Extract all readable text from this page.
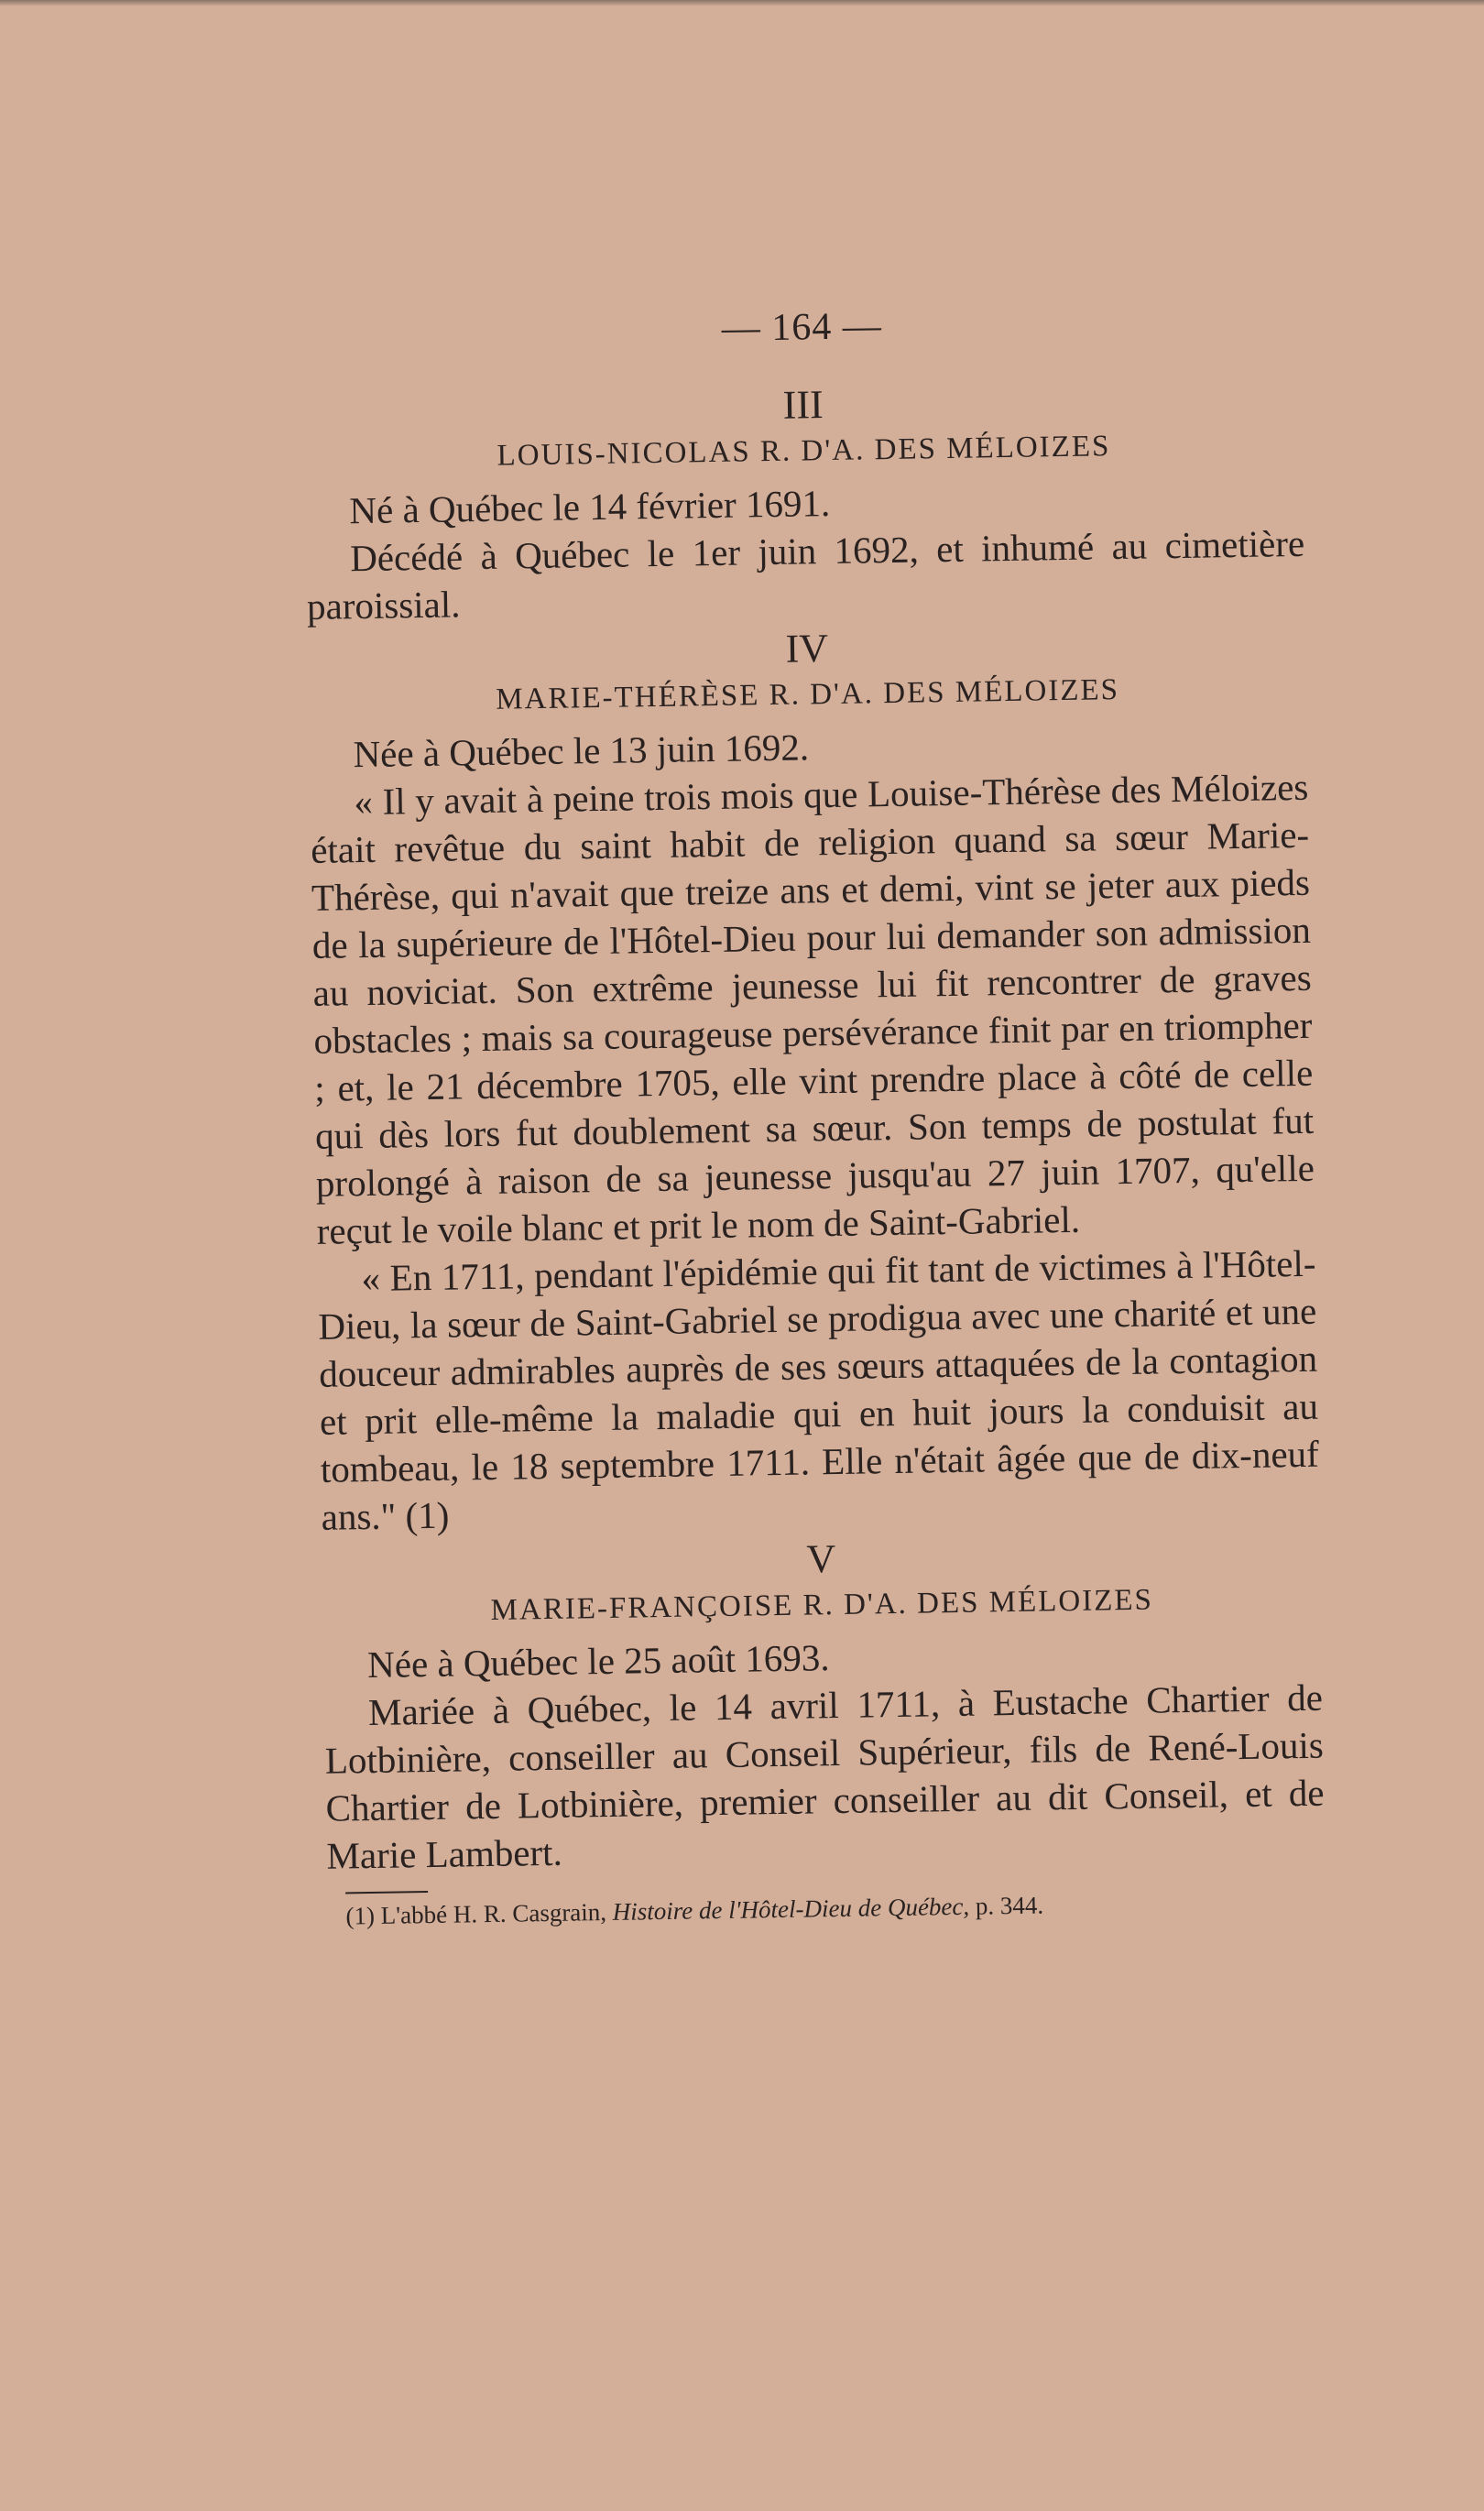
— 164 —
III
LOUIS-NICOLAS R. D'A. DES MÉLOIZES

Né à Québec le 14 février 1691.

Décédé à Québec le 1er juin 1692, et inhumé au cimetière paroissial.

IV
MARIE-THÉRÈSE R. D'A. DES MÉLOIZES

Née à Québec le 13 juin 1692.

« Il y avait à peine trois mois que Louise-Thérèse des Méloizes était revêtue du saint habit de religion quand sa sœur Marie-Thérèse, qui n'avait que treize ans et demi, vint se jeter aux pieds de la supérieure de l'Hôtel-Dieu pour lui demander son admission au noviciat. Son extrême jeunesse lui fit rencontrer de graves obstacles ; mais sa courageuse persévérance finit par en triompher ; et, le 21 décembre 1705, elle vint prendre place à côté de celle qui dès lors fut doublement sa sœur. Son temps de postulat fut prolongé à raison de sa jeunesse jusqu'au 27 juin 1707, qu'elle reçut le voile blanc et prit le nom de Saint-Gabriel.

« En 1711, pendant l'épidémie qui fit tant de victimes à l'Hôtel-Dieu, la sœur de Saint-Gabriel se prodigua avec une charité et une douceur admirables auprès de ses sœurs attaquées de la contagion et prit elle-même la maladie qui en huit jours la conduisit au tombeau, le 18 septembre 1711. Elle n'était âgée que de dix-neuf ans." (1)

V
MARIE-FRANÇOISE R. D'A. DES MÉLOIZES

Née à Québec le 25 août 1693.

Mariée à Québec, le 14 avril 1711, à Eustache Chartier de Lotbinière, conseiller au Conseil Supérieur, fils de René-Louis Chartier de Lotbinière, premier conseiller au dit Conseil, et de Marie Lambert.

(1) L'abbé H. R. Casgrain, Histoire de l'Hôtel-Dieu de Québec, p. 344.
